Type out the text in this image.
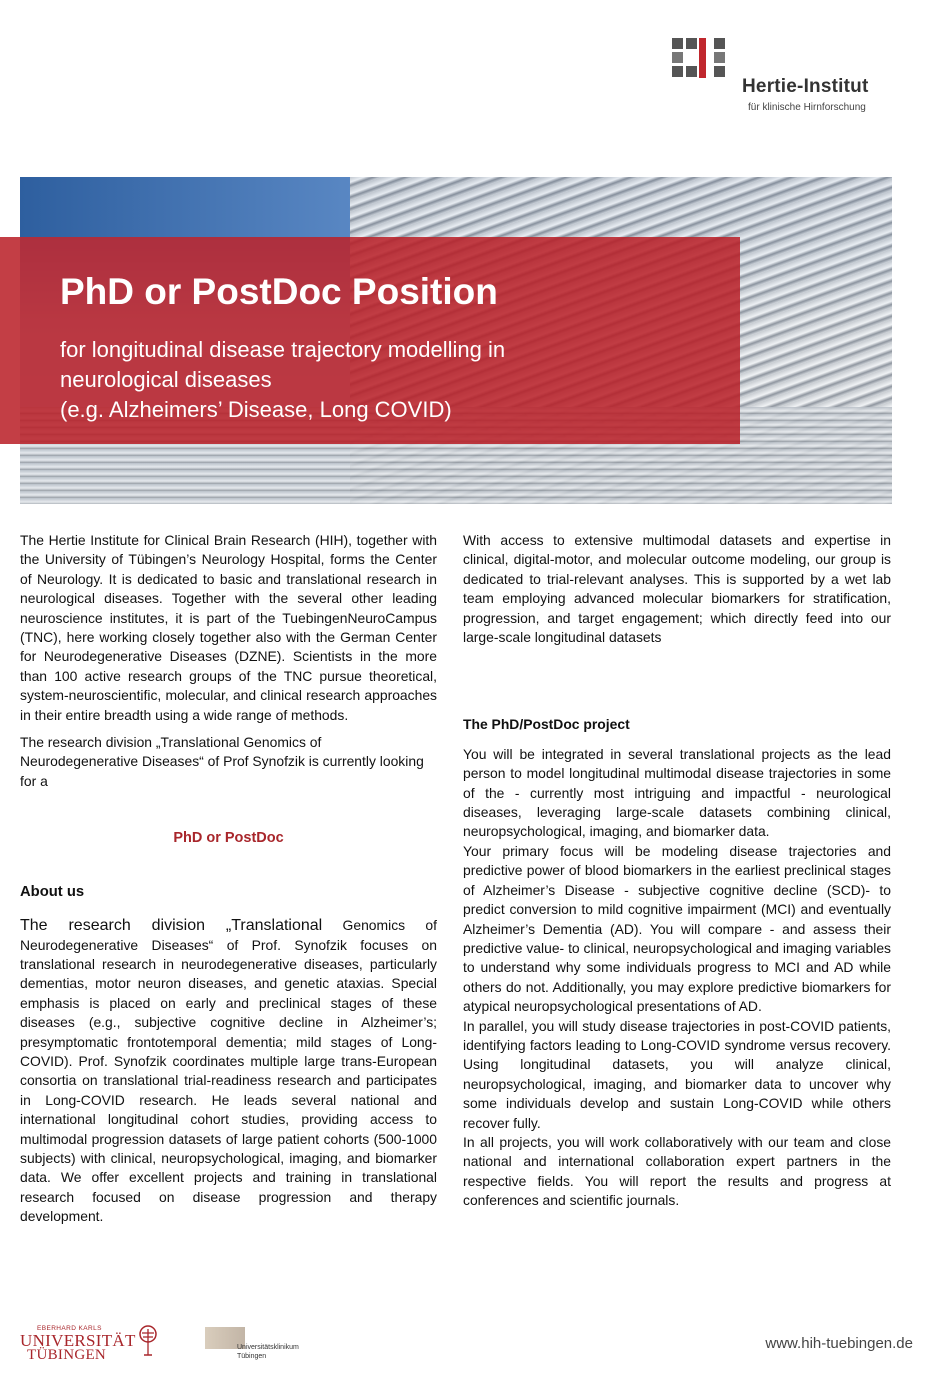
Hertie-Institut
für klinische Hirnforschung
PhD or PostDoc Position
for longitudinal disease trajectory modelling in
neurological diseases
(e.g. Alzheimers’ Disease, Long COVID)

The Hertie Institute for Clinical Brain Research (HIH), together with the University of Tübingen’s Neurology Hospital, forms the Center of Neurology. It is dedicated to basic and translational research in neurological diseases. Together with the several other leading neuroscience institutes, it is part of the TuebingenNeuroCampus (TNC), here working closely together also with the German Center for Neurodegenerative Diseases (DZNE). Scientists in the more than 100 active research groups of the TNC pursue theoretical, system-neuroscientific, molecular, and clinical research approaches in their entire breadth using a wide range of methods.

The research division „Translational Genomics of Neurodegenerative Diseases“ of Prof Synofzik is currently looking for a

PhD or PostDoc

About us

The research division „Translational Genomics of Neurodegenerative Diseases“ of Prof. Synofzik focuses on translational research in neurodegenerative diseases, particularly dementias, motor neuron diseases, and genetic ataxias. Special emphasis is placed on early and preclinical stages of these diseases (e.g., subjective cognitive decline in Alzheimer’s; presymptomatic frontotemporal dementia; mild stages of Long-COVID). Prof. Synofzik coordinates multiple large trans-European consortia on translational trial-readiness research and participates in Long-COVID research. He leads several national and international longitudinal cohort studies, providing access to multimodal progression datasets of large patient cohorts (500-1000 subjects) with clinical, neuropsychological, imaging, and biomarker data. We offer excellent projects and training in translational research focused on disease progression and therapy development.

With access to extensive multimodal datasets and expertise in clinical, digital-motor, and molecular outcome modeling, our group is dedicated to trial-relevant analyses. This is supported by a wet lab team employing advanced molecular biomarkers for stratification, progression, and target engagement; which directly feed into our large-scale longitudinal datasets

The PhD/PostDoc project

You will be integrated in several translational projects as the lead person to model longitudinal multimodal disease trajectories in some of the - currently most intriguing and impactful - neurological diseases, leveraging large-scale datasets combining clinical, neuropsychological, imaging, and biomarker data.

Your primary focus will be modeling disease trajectories and predictive power of blood biomarkers in the earliest preclinical stages of Alzheimer’s Disease - subjective cognitive decline (SCD)- to predict conversion to mild cognitive impairment (MCI) and eventually Alzheimer’s Dementia (AD). You will compare - and assess their predictive value- to clinical, neuropsychological and imaging variables to understand why some individuals progress to MCI and AD while others do not. Additionally, you may explore predictive biomarkers for atypical neuropsychological presentations of AD.

In parallel, you will study disease trajectories in post-COVID patients, identifying factors leading to Long-COVID syndrome versus recovery. Using longitudinal datasets, you will analyze clinical, neuropsychological, imaging, and biomarker data to uncover why some individuals develop and sustain Long-COVID while others recover fully.

In all projects, you will work collaboratively with our team and close national and international collaboration expert partners in the respective fields. You will report the results and progress at conferences and scientific journals.

EBERHARD KARLS
UNIVERSITÄT
TÜBINGEN	Universitätsklinikum
Tübingen
www.hih-tuebingen.de
